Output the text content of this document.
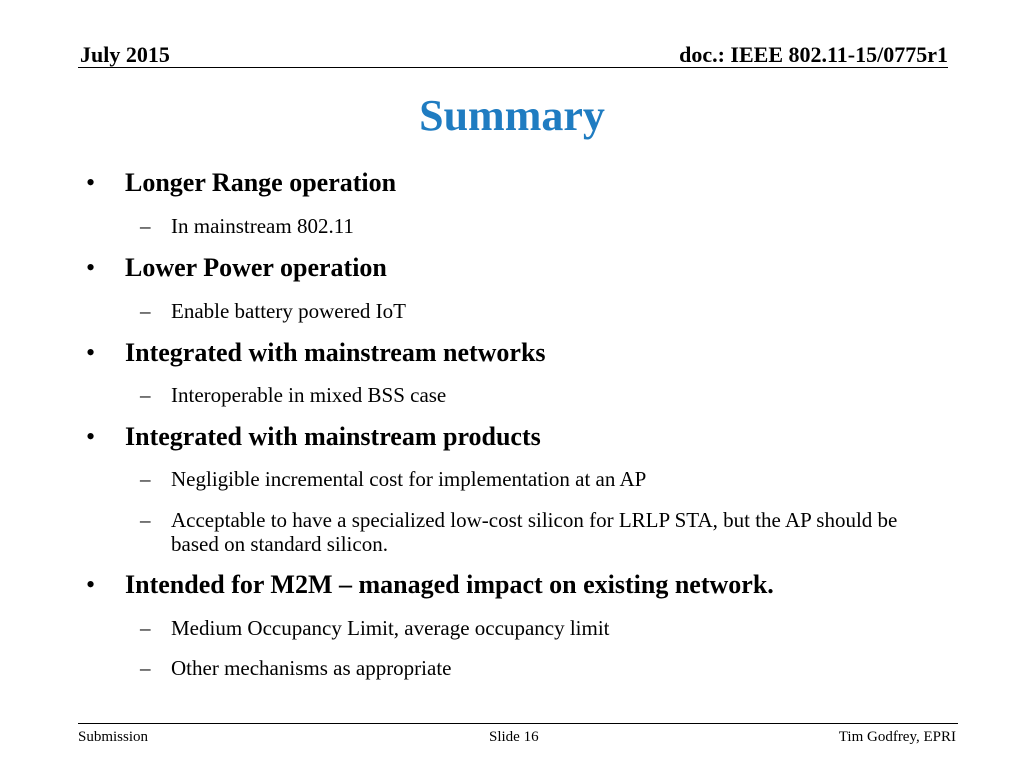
July 2015	doc.: IEEE 802.11-15/0775r1
Summary
• Longer Range operation
– In mainstream 802.11
• Lower Power operation
– Enable battery powered IoT
• Integrated with mainstream networks
– Interoperable in mixed BSS case
• Integrated with mainstream products
– Negligible incremental cost for implementation at an AP
– Acceptable to have a specialized low-cost silicon for LRLP STA, but the AP should be based on standard silicon.
• Intended for M2M – managed impact on existing network.
– Medium Occupancy Limit, average occupancy limit
– Other mechanisms as appropriate
Submission	Slide 16	Tim Godfrey, EPRI
